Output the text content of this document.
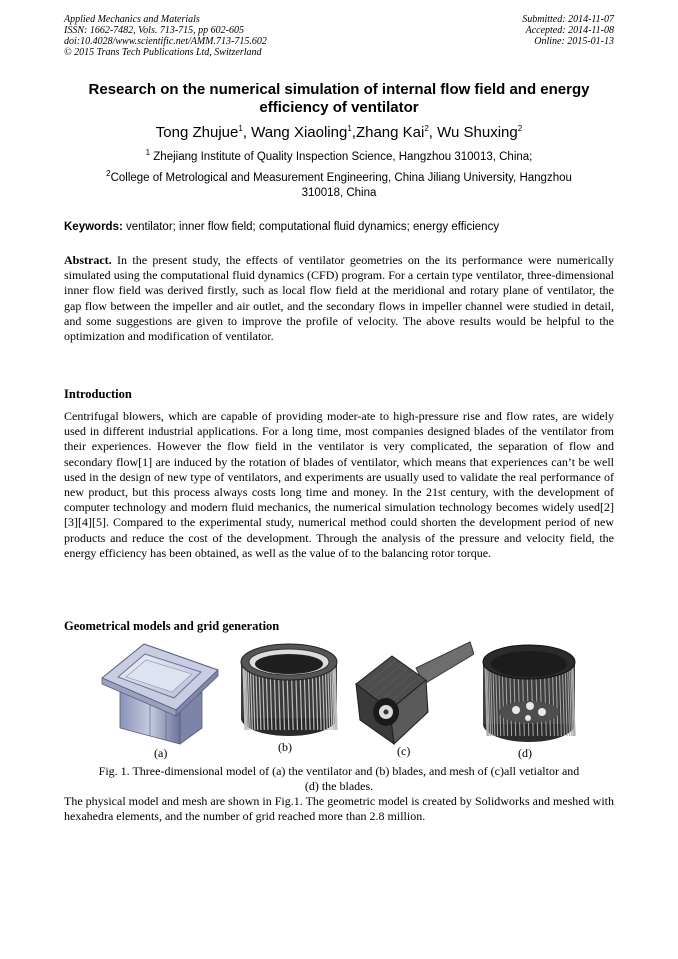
Applied Mechanics and Materials
ISSN: 1662-7482, Vols. 713-715, pp 602-605
doi:10.4028/www.scientific.net/AMM.713-715.602
© 2015 Trans Tech Publications Ltd, Switzerland
Submitted: 2014-11-07
Accepted: 2014-11-08
Online: 2015-01-13
Research on the numerical simulation of internal flow field and energy
efficiency of ventilator
Tong Zhujue$^1$, Wang Xiaoling$^1$,Zhang Kai$^2$, Wu Shuxing$^2$
$^1$ Zhejiang Institute of Quality Inspection Science, Hangzhou 310013, China;
$^2$College of Metrological and Measurement Engineering, China Jiliang University, Hangzhou
310018, China
Keywords: ventilator; inner flow field; computational fluid dynamics; energy efficiency
Abstract. In the present study, the effects of ventilator geometries on the its performance were numerically simulated using the computational fluid dynamics (CFD) program. For a certain type ventilator, three-dimensional inner flow field was derived firstly, such as local flow field at the meridional and rotary plane of ventilator, the gap flow between the impeller and air outlet, and the secondary flows in impeller channel were studied in detail, and some suggestions are given to improve the profile of velocity. The above results would be helpful to the optimization and modification of ventilator.
Introduction
Centrifugal blowers, which are capable of providing moder-ate to high-pressure rise and flow rates, are widely used in different industrial applications. For a long time, most companies designed blades of the ventilator from their experiences. However the flow field in the ventilator is very complicated, the separation of flow and secondary flow[1] are induced by the rotation of blades of ventilator, which means that experiences can’t be well used in the design of new type of ventilators, and experiments are usually used to validate the real performance of new product, but this process always costs long time and money. In the 21st century, with the development of computer technology and modern fluid mechanics, the numerical simulation technology becomes widely used[2][3][4][5]. Compared to the experimental study, numerical method could shorten the development period of new products and reduce the cost of the development. Through the analysis of the pressure and velocity field, the energy efficiency has been obtained, as well as the value of to the balancing rotor torque.
Geometrical models and grid generation
(a)	(b)	(c)	(d)
Fig. 1. Three-dimensional model of (a) the ventilator and (b) blades, and mesh of (c)all vetialtor and
(d) the blades.
The physical model and mesh are shown in Fig.1. The geometric model is created by Solidworks and meshed with hexahedra elements, and the number of grid reached more than 2.8 million.
